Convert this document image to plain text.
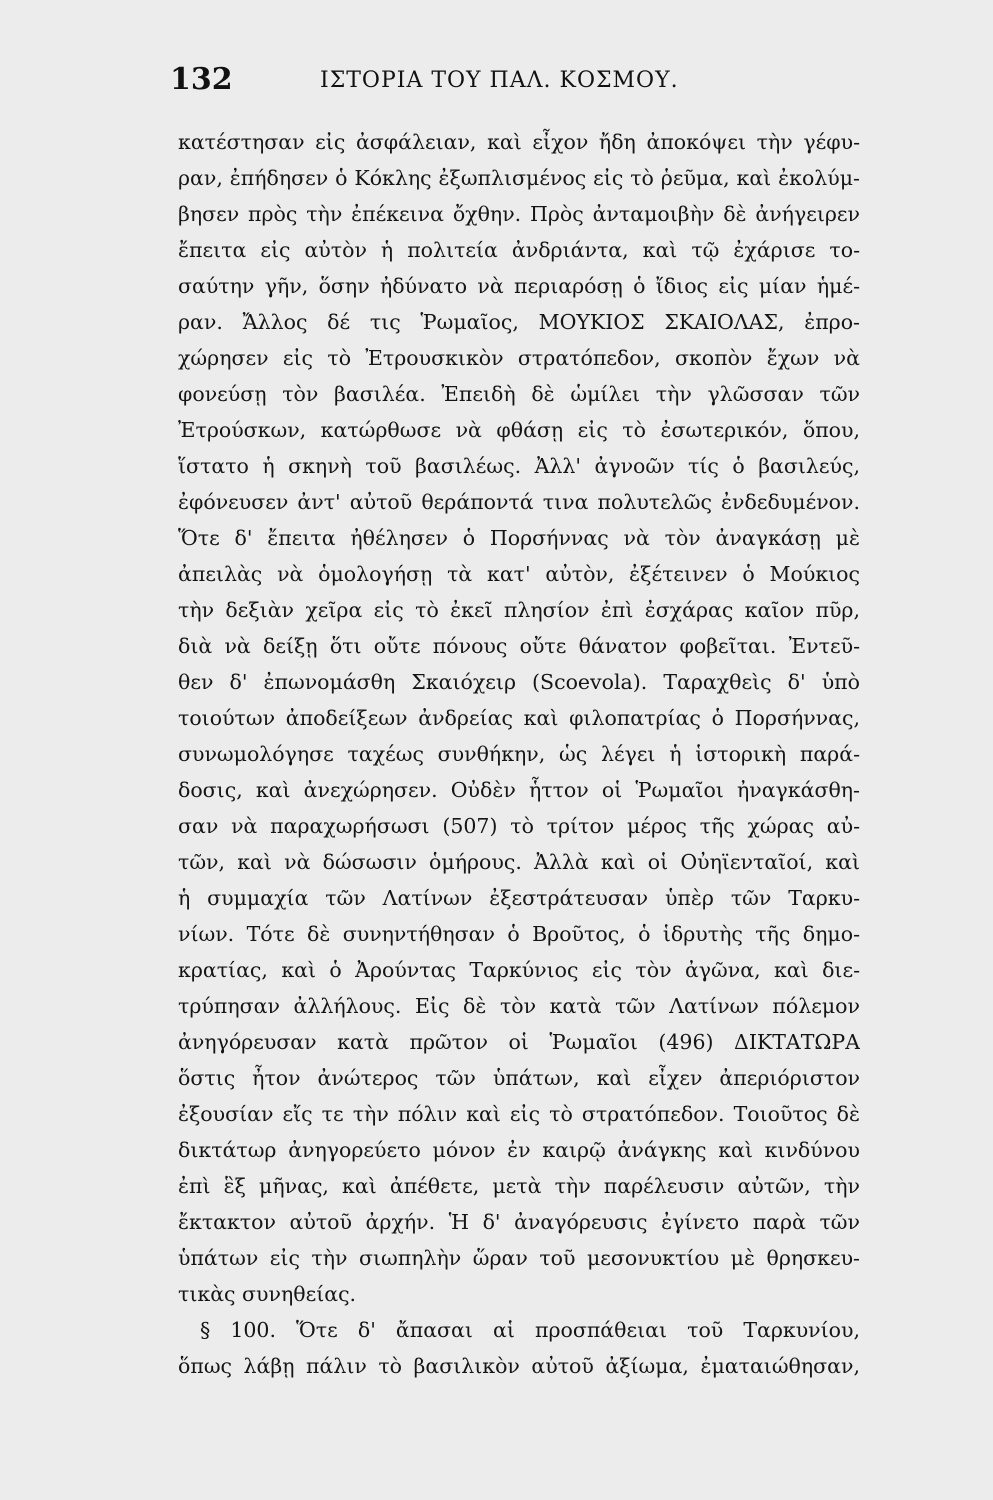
132	ΙΣΤΟΡΙΑ ΤΟΥ ΠΑΛ. ΚΟΣΜΟΥ.
κατέστησαν εἰς ἀσφάλειαν, καὶ εἶχον ἤδη ἀποκόψει τὴν γέφυ-
ραν, ἐπήδησεν ὁ Κόκλης ἐξωπλισμένος εἰς τὸ ῥεῦμα, καὶ ἐκολύμ-
βησεν πρὸς τὴν ἐπέκεινα ὄχθην. Πρὸς ἀνταμοιβὴν δὲ ἀνήγειρεν
ἔπειτα εἰς αὐτὸν ἡ πολιτεία ἀνδριάντα, καὶ τῷ ἐχάρισε το-
σαύτην γῆν, ὅσην ἠδύνατο νὰ περιαρόσῃ ὁ ἴδιος εἰς μίαν ἡμέ-
ραν. Ἄλλος δέ τις Ῥωμαῖος, ΜΟΥΚΙΟΣ ΣΚΑΙΟΛΑΣ, ἐπρο-
χώρησεν εἰς τὸ Ἐτρουσκικὸν στρατόπεδον, σκοπὸν ἔχων νὰ
φονεύσῃ τὸν βασιλέα. Ἐπειδὴ δὲ ὡμίλει τὴν γλῶσσαν τῶν
Ἐτρούσκων, κατώρθωσε νὰ φθάσῃ εἰς τὸ ἐσωτερικόν, ὅπου,
ἵστατο ἡ σκηνὴ τοῦ βασιλέως. Ἀλλ' ἀγνοῶν τίς ὁ βασιλεύς,
ἐφόνευσεν ἀντ' αὐτοῦ θεράποντά τινα πολυτελῶς ἐνδεδυμένον.
Ὅτε δ' ἔπειτα ἠθέλησεν ὁ Πορσήννας νὰ τὸν ἀναγκάσῃ μὲ
ἀπειλὰς νὰ ὁμολογήσῃ τὰ κατ' αὐτὸν, ἐξέτεινεν ὁ Μούκιος
τὴν δεξιὰν χεῖρα εἰς τὸ ἐκεῖ πλησίον ἐπὶ ἐσχάρας καῖον πῦρ,
διὰ νὰ δείξῃ ὅτι οὔτε πόνους οὔτε θάνατον φοβεῖται. Ἐντεῦ-
θεν δ' ἐπωνομάσθη Σκαιόχειρ (Scoevola). Ταραχθεὶς δ' ὑπὸ
τοιούτων ἀποδείξεων ἀνδρείας καὶ φιλοπατρίας ὁ Πορσήννας,
συνωμολόγησε ταχέως συνθήκην, ὡς λέγει ἡ ἱστορικὴ παρά-
δοσις, καὶ ἀνεχώρησεν. Οὐδὲν ἧττον οἱ Ῥωμαῖοι ἠναγκάσθη-
σαν νὰ παραχωρήσωσι (507) τὸ τρίτον μέρος τῆς χώρας αὐ-
τῶν, καὶ νὰ δώσωσιν ὁμήρους. Ἀλλὰ καὶ οἱ Οὐηϊενταῖοί, καὶ
ἡ συμμαχία τῶν Λατίνων ἐξεστράτευσαν ὑπὲρ τῶν Ταρκυ-
νίων. Τότε δὲ συνηντήθησαν ὁ Βροῦτος, ὁ ἱδρυτὴς τῆς δημο-
κρατίας, καὶ ὁ Ἀρούντας Ταρκύνιος εἰς τὸν ἀγῶνα, καὶ διε-
τρύπησαν ἀλλήλους. Εἰς δὲ τὸν κατὰ τῶν Λατίνων πόλεμον
ἀνηγόρευσαν κατὰ πρῶτον οἱ Ῥωμαῖοι (496) ΔΙΚΤΑΤΩΡΑ
ὅστις ἦτον ἀνώτερος τῶν ὑπάτων, καὶ εἶχεν ἀπεριόριστον
ἐξουσίαν εἴς τε τὴν πόλιν καὶ εἰς τὸ στρατόπεδον. Τοιοῦτος δὲ
δικτάτωρ ἀνηγορεύετο μόνον ἐν καιρῷ ἀνάγκης καὶ κινδύνου
ἐπὶ ἓξ μῆνας, καὶ ἀπέθετε, μετὰ τὴν παρέλευσιν αὐτῶν, τὴν
ἔκτακτον αὐτοῦ ἀρχήν. Ἡ δ' ἀναγόρευσις ἐγίνετο παρὰ τῶν
ὑπάτων εἰς τὴν σιωπηλὴν ὥραν τοῦ μεσονυκτίου μὲ θρησκευ-
τικὰς συνηθείας.
§ 100. Ὅτε δ' ἄπασαι αἱ προσπάθειαι τοῦ Ταρκυνίου,
ὅπως λάβῃ πάλιν τὸ βασιλικὸν αὐτοῦ ἀξίωμα, ἐματαιώθησαν,
